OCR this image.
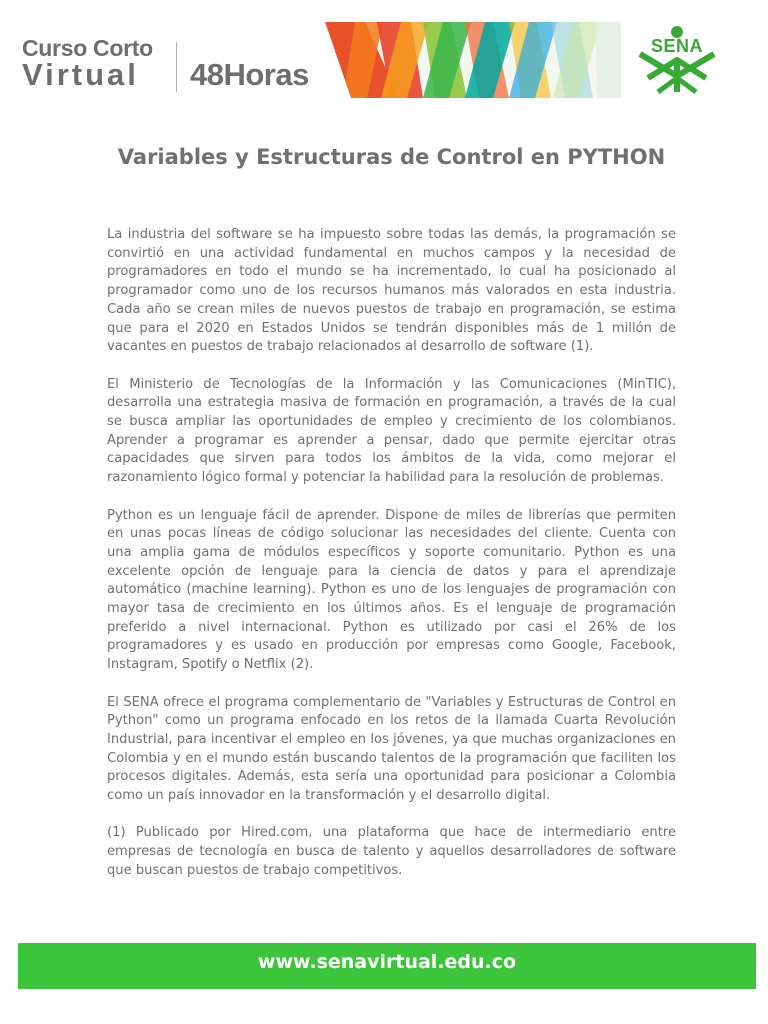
Curso Corto
Virtual 48Horas
SENA
Variables y Estructuras de Control en PYTHON

La industria del software se ha impuesto sobre todas las demás, la programación se convirtió en una actividad fundamental en muchos campos y la necesidad de programadores en todo el mundo se ha incrementado, lo cual ha posicionado al programador como uno de los recursos humanos más valorados en esta industria. Cada año se crean miles de nuevos puestos de trabajo en programación, se estima que para el 2020 en Estados Unidos se tendrán disponibles más de 1 millón de vacantes en puestos de trabajo relacionados al desarrollo de software (1).

El Ministerio de Tecnologías de la Información y las Comunicaciones (MinTIC), desarrolla una estrategia masiva de formación en programación, a través de la cual se busca ampliar las oportunidades de empleo y crecimiento de los colombianos. Aprender a programar es aprender a pensar, dado que permite ejercitar otras capacidades que sirven para todos los ámbitos de la vida, como mejorar el razonamiento lógico formal y potenciar la habilidad para la resolución de problemas.

Python es un lenguaje fácil de aprender. Dispone de miles de librerías que permiten en unas pocas líneas de código solucionar las necesidades del cliente. Cuenta con una amplia gama de módulos específicos y soporte comunitario. Python es una excelente opción de lenguaje para la ciencia de datos y para el aprendizaje automático (machine learning). Python es uno de los lenguajes de programación con mayor tasa de crecimiento en los últimos años. Es el lenguaje de programación preferido a nivel internacional. Python es utilizado por casi el 26% de los programadores y es usado en producción por empresas como Google, Facebook, Instagram, Spotify o Netflix (2).

El SENA ofrece el programa complementario de "Variables y Estructuras de Control en Python" como un programa enfocado en los retos de la llamada Cuarta Revolución Industrial, para incentivar el empleo en los jóvenes, ya que muchas organizaciones en Colombia y en el mundo están buscando talentos de la programación que faciliten los procesos digitales. Además, esta sería una oportunidad para posicionar a Colombia como un país innovador en la transformación y el desarrollo digital.

(1) Publicado por Hired.com, una plataforma que hace de intermediario entre empresas de tecnología en busca de talento y aquellos desarrolladores de software que buscan puestos de trabajo competitivos.

www.senavirtual.edu.co
